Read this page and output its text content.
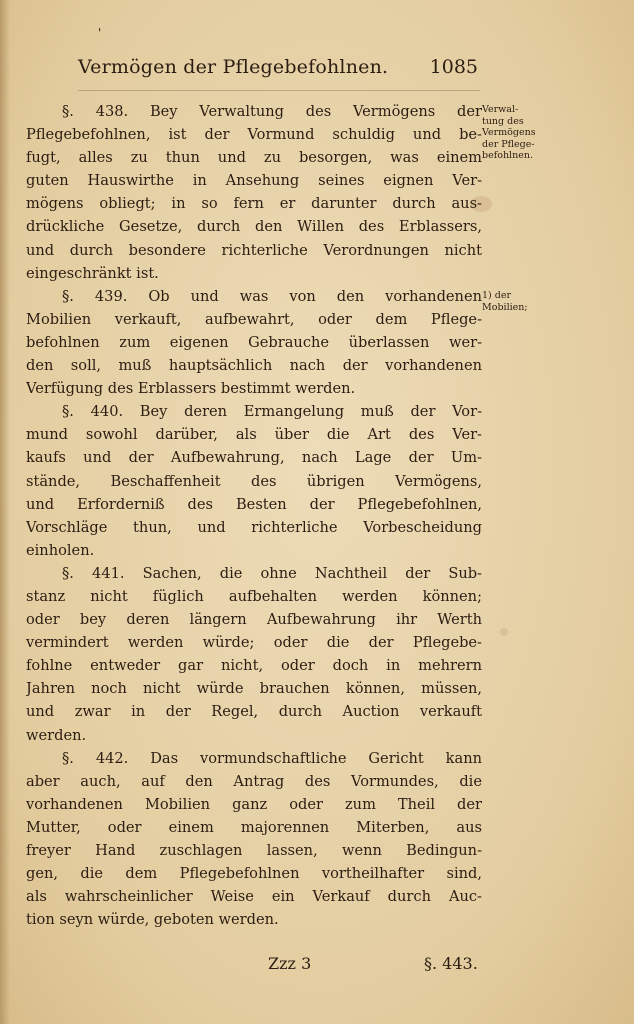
Vermögen der Pflegebefohlnen. 1085
'
§. 438. Bey Verwaltung des Vermögens der
Pflegebefohlnen, ist der Vormund schuldig und be-
fugt, alles zu thun und zu besorgen, was einem
guten Hauswirthe in Ansehung seines eignen Ver-
mögens obliegt; in so fern er darunter durch aus-
drückliche Gesetze, durch den Willen des Erblassers,
und durch besondere richterliche Verordnungen nicht
eingeschränkt ist.
§. 439. Ob und was von den vorhandenen
Mobilien verkauft, aufbewahrt, oder dem Pflege-
befohlnen zum eigenen Gebrauche überlassen wer-
den soll, muß hauptsächlich nach der vorhandenen
Verfügung des Erblassers bestimmt werden.
§. 440. Bey deren Ermangelung muß der Vor-
mund sowohl darüber, als über die Art des Ver-
kaufs und der Aufbewahrung, nach Lage der Um-
stände, Beschaffenheit des übrigen Vermögens,
und Erforderniß des Besten der Pflegebefohlnen,
Vorschläge thun, und richterliche Vorbescheidung
einholen.
§. 441. Sachen, die ohne Nachtheil der Sub-
stanz nicht füglich aufbehalten werden können;
oder bey deren längern Aufbewahrung ihr Werth
vermindert werden würde; oder die der Pflegebe-
fohlne entweder gar nicht, oder doch in mehrern
Jahren noch nicht würde brauchen können, müssen,
und zwar in der Regel, durch Auction verkauft
werden.
§. 442. Das vormundschaftliche Gericht kann
aber auch, auf den Antrag des Vormundes, die
vorhandenen Mobilien ganz oder zum Theil der
Mutter, oder einem majorennen Miterben, aus
freyer Hand zuschlagen lassen, wenn Bedingun-
gen, die dem Pflegebefohlnen vortheilhafter sind,
als wahrscheinlicher Weise ein Verkauf durch Auc-
tion seyn würde, geboten werden.
Verwal-
tung des
Vermögens
der Pflege-
befohlnen.
1) der
Mobilien;
Zzz 3	§. 443.
